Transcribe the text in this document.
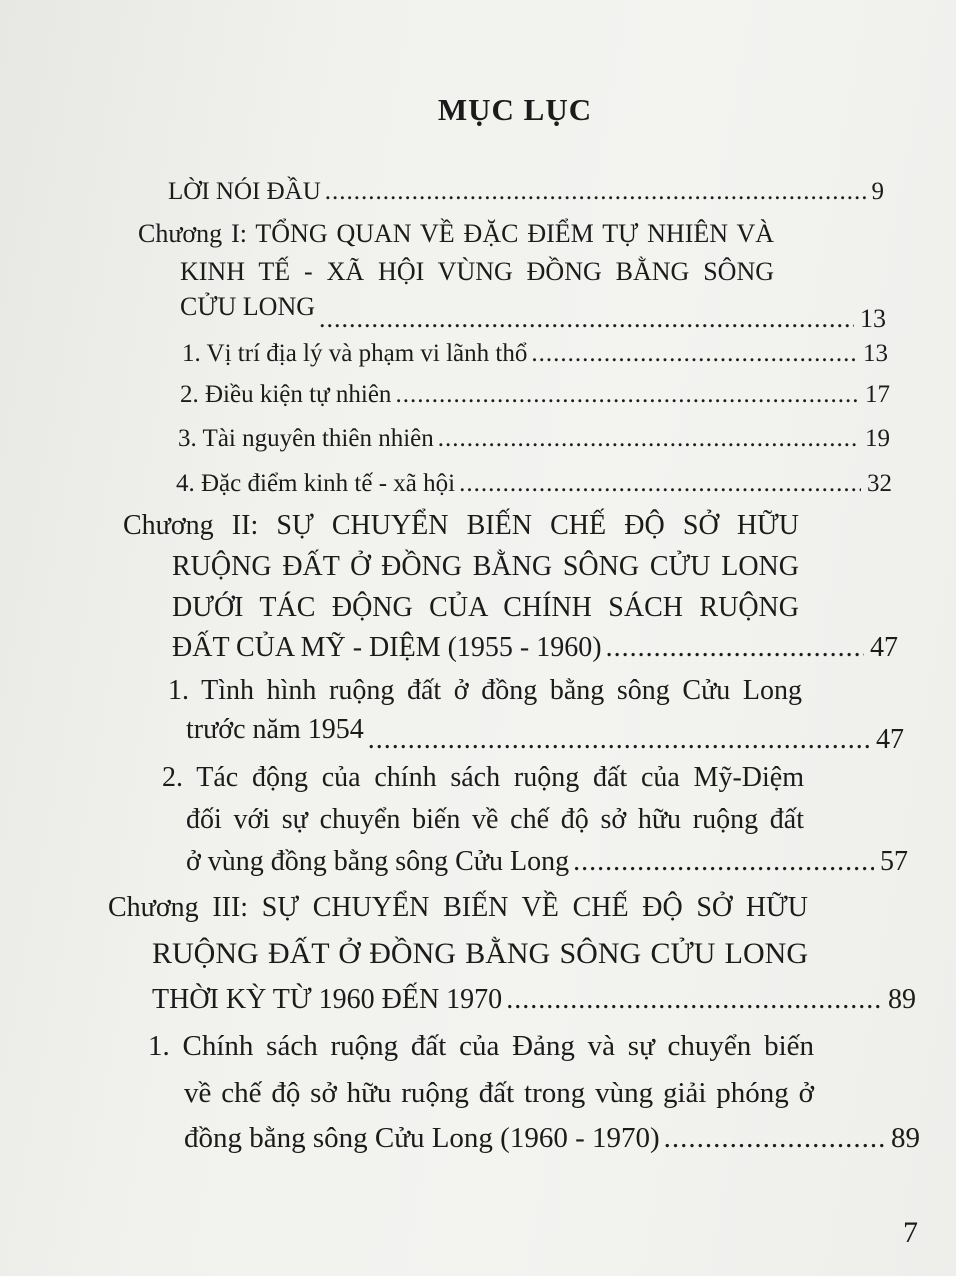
MỤC LỤC
LỜI NÓI ĐẦU .....	9
Chương I: TỔNG QUAN VỀ ĐẶC ĐIỂM TỰ NHIÊN VÀ
KINH TẾ - XÃ HỘI VÙNG ĐỒNG BẰNG SÔNG
CỬU LONG .....	13
1. Vị trí địa lý và phạm vi lãnh thổ .....	13
2. Điều kiện tự nhiên .....	17
3. Tài nguyên thiên nhiên .....	19
4. Đặc điểm kinh tế - xã hội .....	32
Chương II: SỰ CHUYỂN BIẾN CHẾ ĐỘ SỞ HỮU
RUỘNG ĐẤT Ở ĐỒNG BẰNG SÔNG CỬU LONG
DƯỚI TÁC ĐỘNG CỦA CHÍNH SÁCH RUỘNG
ĐẤT CỦA MỸ - DIỆM (1955 - 1960) .....	47
1. Tình hình ruộng đất ở đồng bằng sông Cửu Long
trước năm 1954 .....	47
2. Tác động của chính sách ruộng đất của Mỹ-Diệm
đối với sự chuyển biến về chế độ sở hữu ruộng đất
ở vùng đồng bằng sông Cửu Long .....	57
Chương III: SỰ CHUYỂN BIẾN VỀ CHẾ ĐỘ SỞ HỮU
RUỘNG ĐẤT Ở ĐỒNG BẰNG SÔNG CỬU LONG
THỜI KỲ TỪ 1960 ĐẾN 1970 .....	89
1. Chính sách ruộng đất của Đảng và sự chuyển biến
về chế độ sở hữu ruộng đất trong vùng giải phóng ở
đồng bằng sông Cửu Long (1960 - 1970) .....	89
7
